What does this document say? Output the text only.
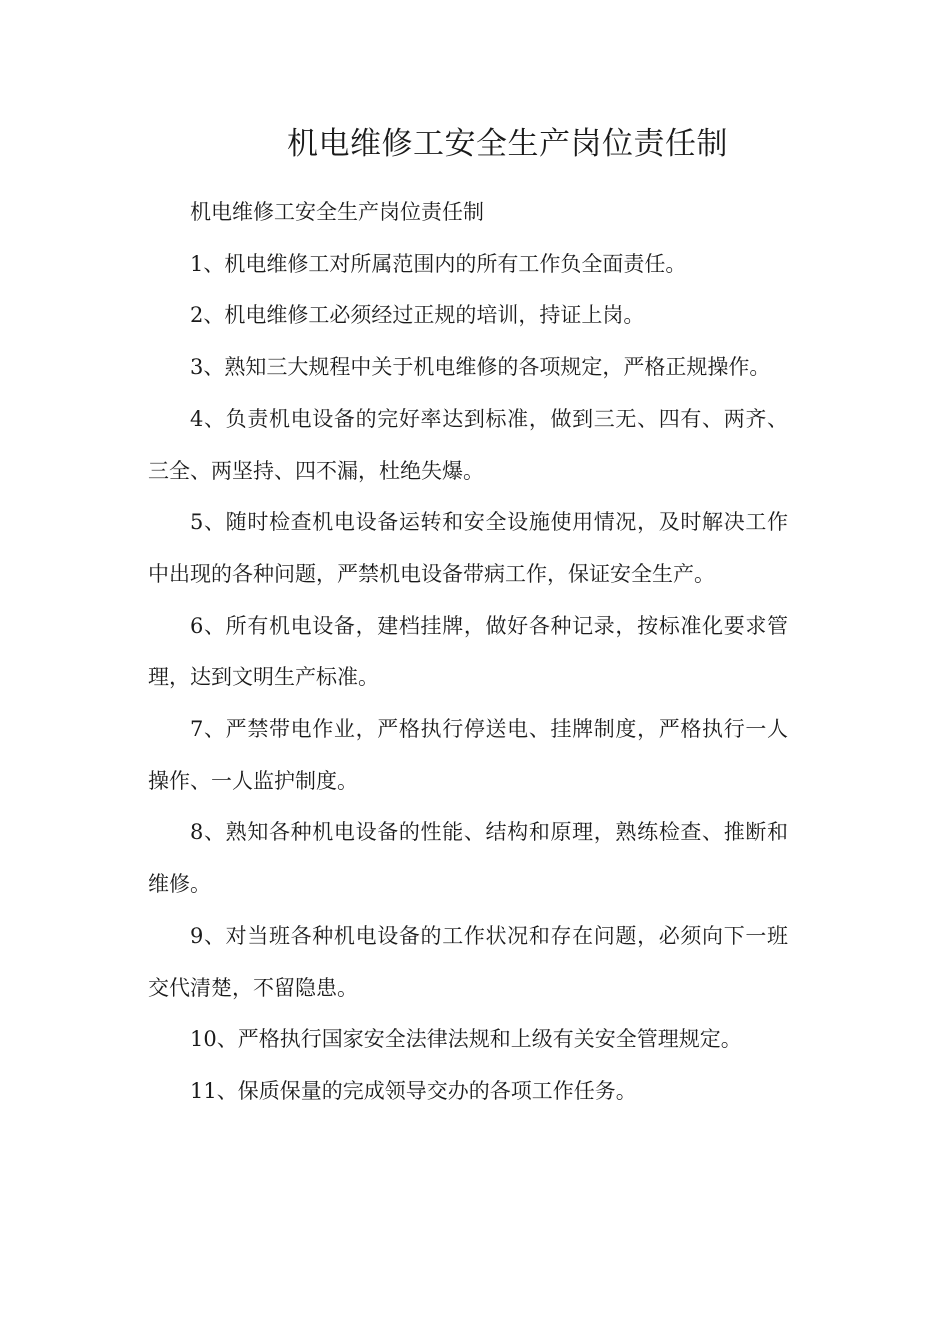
机电维修工安全生产岗位责任制

机电维修工安全生产岗位责任制

1、机电维修工对所属范围内的所有工作负全面责任。

2、机电维修工必须经过正规的培训，持证上岗。

3、熟知三大规程中关于机电维修的各项规定，严格正规操作。

4、负责机电设备的完好率达到标准，做到三无、四有、两齐、三全、两坚持、四不漏，杜绝失爆。

5、随时检查机电设备运转和安全设施使用情况，及时解决工作中出现的各种问题，严禁机电设备带病工作，保证安全生产。

6、所有机电设备，建档挂牌，做好各种记录，按标准化要求管理，达到文明生产标准。

7、严禁带电作业，严格执行停送电、挂牌制度，严格执行一人操作、一人监护制度。

8、熟知各种机电设备的性能、结构和原理，熟练检查、推断和维修。

9、对当班各种机电设备的工作状况和存在问题，必须向下一班交代清楚，不留隐患。

10、严格执行国家安全法律法规和上级有关安全管理规定。

11、保质保量的完成领导交办的各项工作任务。
